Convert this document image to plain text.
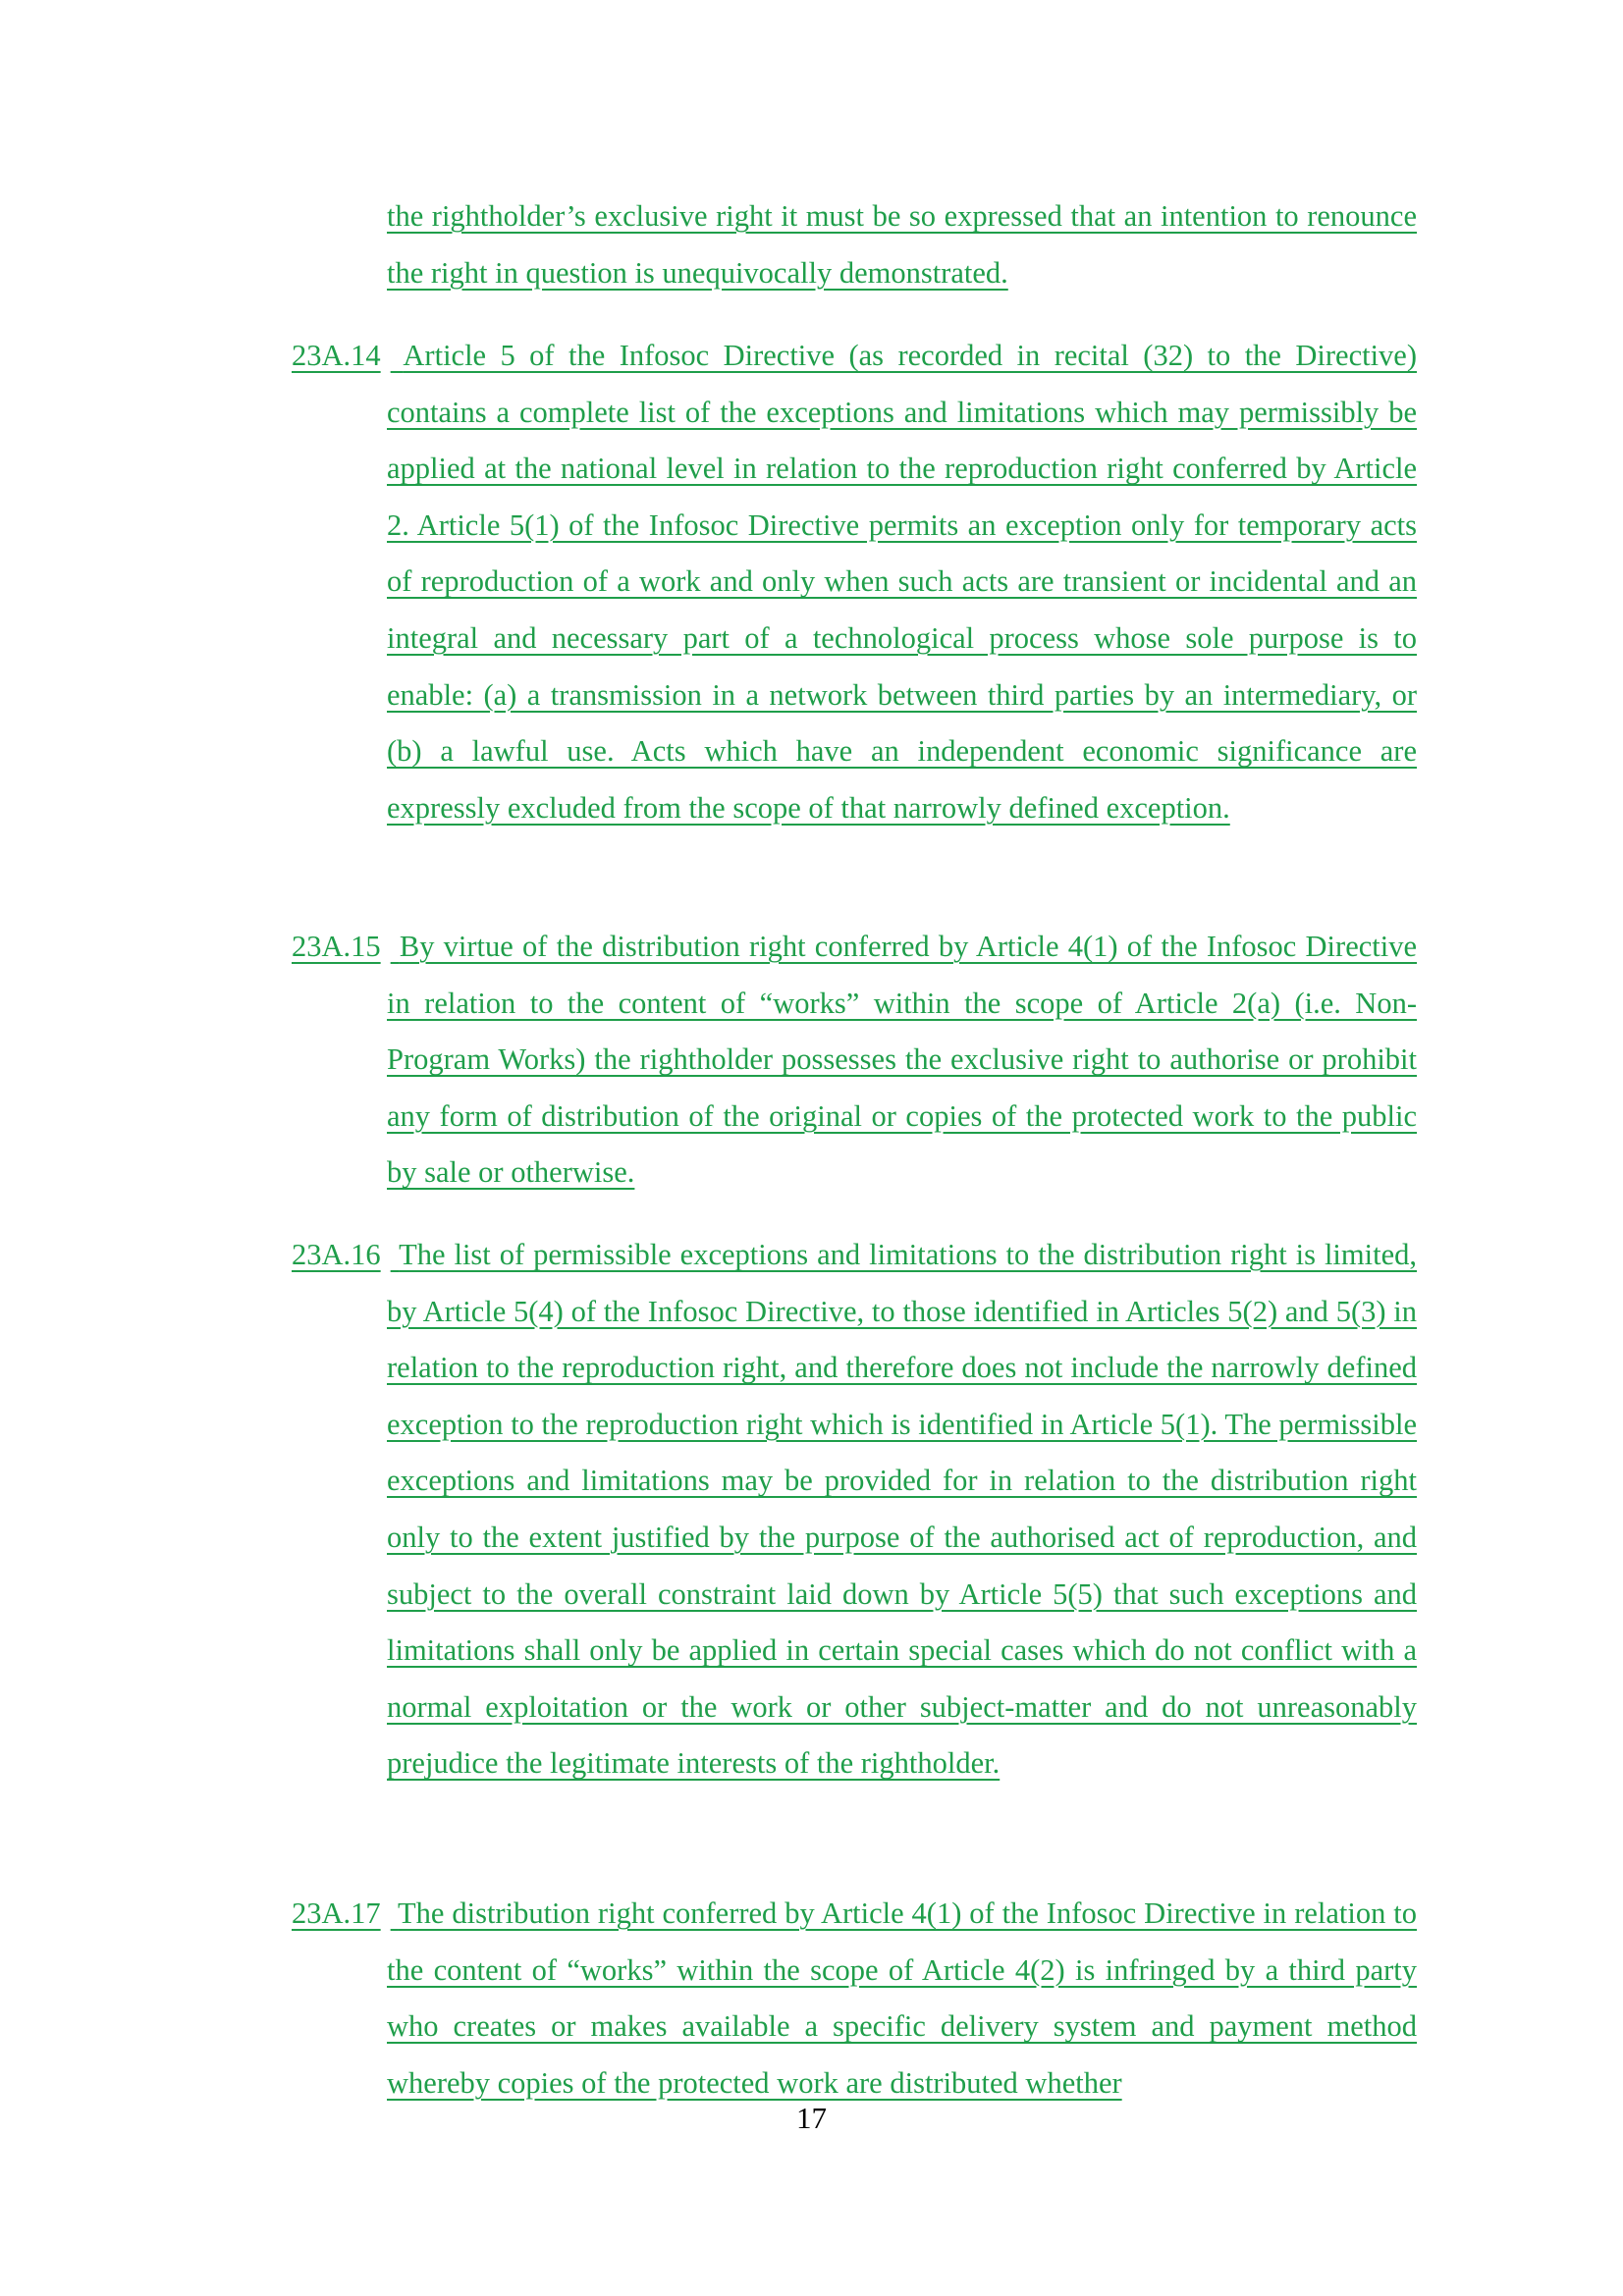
the rightholder’s exclusive right it must be so expressed that an intention to renounce the right in question is unequivocally demonstrated.

23A.14 Article 5 of the Infosoc Directive (as recorded in recital (32) to the Directive) contains a complete list of the exceptions and limitations which may permissibly be applied at the national level in relation to the reproduction right conferred by Article 2. Article 5(1) of the Infosoc Directive permits an exception only for temporary acts of reproduction of a work and only when such acts are transient or incidental and an integral and necessary part of a technological process whose sole purpose is to enable: (a) a transmission in a network between third parties by an intermediary, or (b) a lawful use. Acts which have an independent economic significance are expressly excluded from the scope of that narrowly defined exception.

23A.15 By virtue of the distribution right conferred by Article 4(1) of the Infosoc Directive in relation to the content of “works” within the scope of Article 2(a) (i.e. Non-Program Works) the rightholder possesses the exclusive right to authorise or prohibit any form of distribution of the original or copies of the protected work to the public by sale or otherwise.

23A.16 The list of permissible exceptions and limitations to the distribution right is limited, by Article 5(4) of the Infosoc Directive, to those identified in Articles 5(2) and 5(3) in relation to the reproduction right, and therefore does not include the narrowly defined exception to the reproduction right which is identified in Article 5(1). The permissible exceptions and limitations may be provided for in relation to the distribution right only to the extent justified by the purpose of the authorised act of reproduction, and subject to the overall constraint laid down by Article 5(5) that such exceptions and limitations shall only be applied in certain special cases which do not conflict with a normal exploitation or the work or other subject-matter and do not unreasonably prejudice the legitimate interests of the rightholder.

23A.17 The distribution right conferred by Article 4(1) of the Infosoc Directive in relation to the content of “works” within the scope of Article 4(2) is infringed by a third party who creates or makes available a specific delivery system and payment method whereby copies of the protected work are distributed whether

17
